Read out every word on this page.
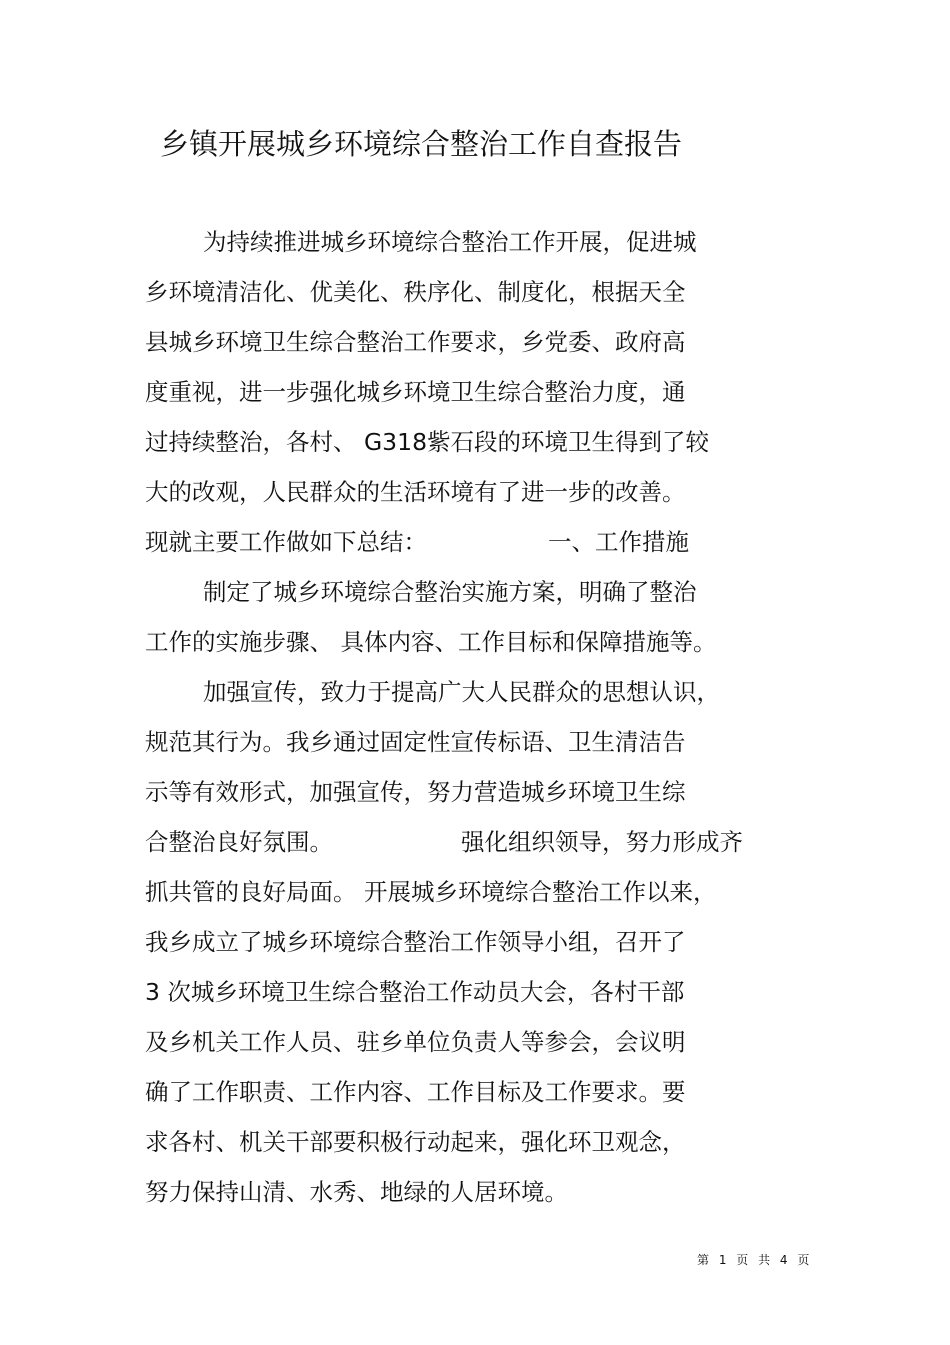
乡镇开展城乡环境综合整治工作自查报告
为持续推进城乡环境综合整治工作开展，促进城
乡环境清洁化、优美化、秩序化、制度化，根据天全
县城乡环境卫生综合整治工作要求，乡党委、政府高
度重视，进一步强化城乡环境卫生综合整治力度，通
过持续整治，各村、 G318紫石段的环境卫生得到了较
大的改观，人民群众的生活环境有了进一步的改善。
现就主要工作做如下总结：	一、工作措施
制定了城乡环境综合整治实施方案，明确了整治
工作的实施步骤、 具体内容、工作目标和保障措施等。
加强宣传，致力于提高广大人民群众的思想认识，
规范其行为。我乡通过固定性宣传标语、卫生清洁告
示等有效形式，加强宣传，努力营造城乡环境卫生综
合整治良好氛围。	强化组织领导，努力形成齐
抓共管的良好局面。 开展城乡环境综合整治工作以来，
我乡成立了城乡环境综合整治工作领导小组，召开了
3 次城乡环境卫生综合整治工作动员大会，各村干部
及乡机关工作人员、驻乡单位负责人等参会，会议明
确了工作职责、工作内容、工作目标及工作要求。要
求各村、机关干部要积极行动起来，强化环卫观念，
努力保持山清、水秀、地绿的人居环境。
第 1 页 共 4 页
